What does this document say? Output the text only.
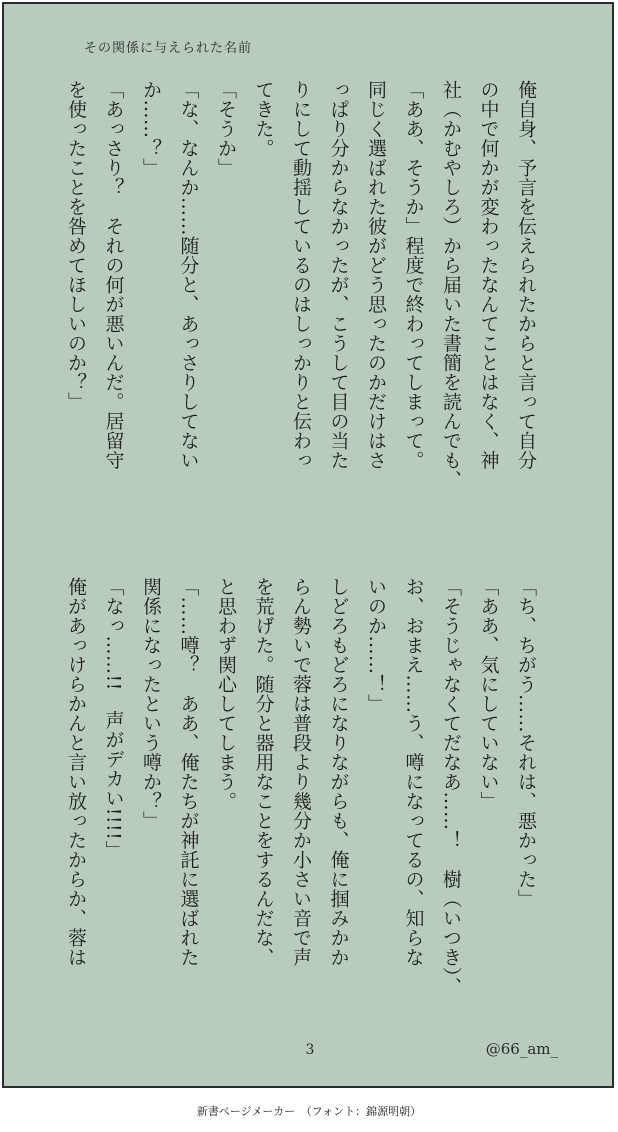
その関係に与えられた名前

俺自身、予言を伝えられたからと言って自分

の中で何かが変わったなんてことはなく、神

社（かむやしろ）から届いた書簡を読んでも、

「ああ、そうか」程度で終わってしまって。

同じく選ばれた彼がどう思ったのかだけはさ

っぱり分からなかったが、こうして目の当た

りにして動揺しているのはしっかりと伝わっ

てきた。

「そうか」

「な、なんか……随分と、あっさりしてない

か……？」

「あっさり？　それの何が悪いんだ。居留守

を使ったことを咎めてほしいのか？」

「ち、ちがう……それは、悪かった」

「ああ、気にしていない」

「そうじゃなくてだなあ……！　樹（いつき）、

お、おまえ……う、噂になってるの、知らな

いのか……！」

しどろもどろになりながらも、俺に掴みかか

らん勢いで蓉は普段より幾分か小さい音で声

を荒げた。随分と器用なことをするんだな、

と思わず関心してしまう。

「……噂？　ああ、俺たちが神託に選ばれた

関係になったという噂か？」

「なっ……!!　声がデカい!!!!」

俺があっけらかんと言い放ったからか、蓉は

3	@66_am_
新書ページメーカー　（フォント：錦源明朝）
